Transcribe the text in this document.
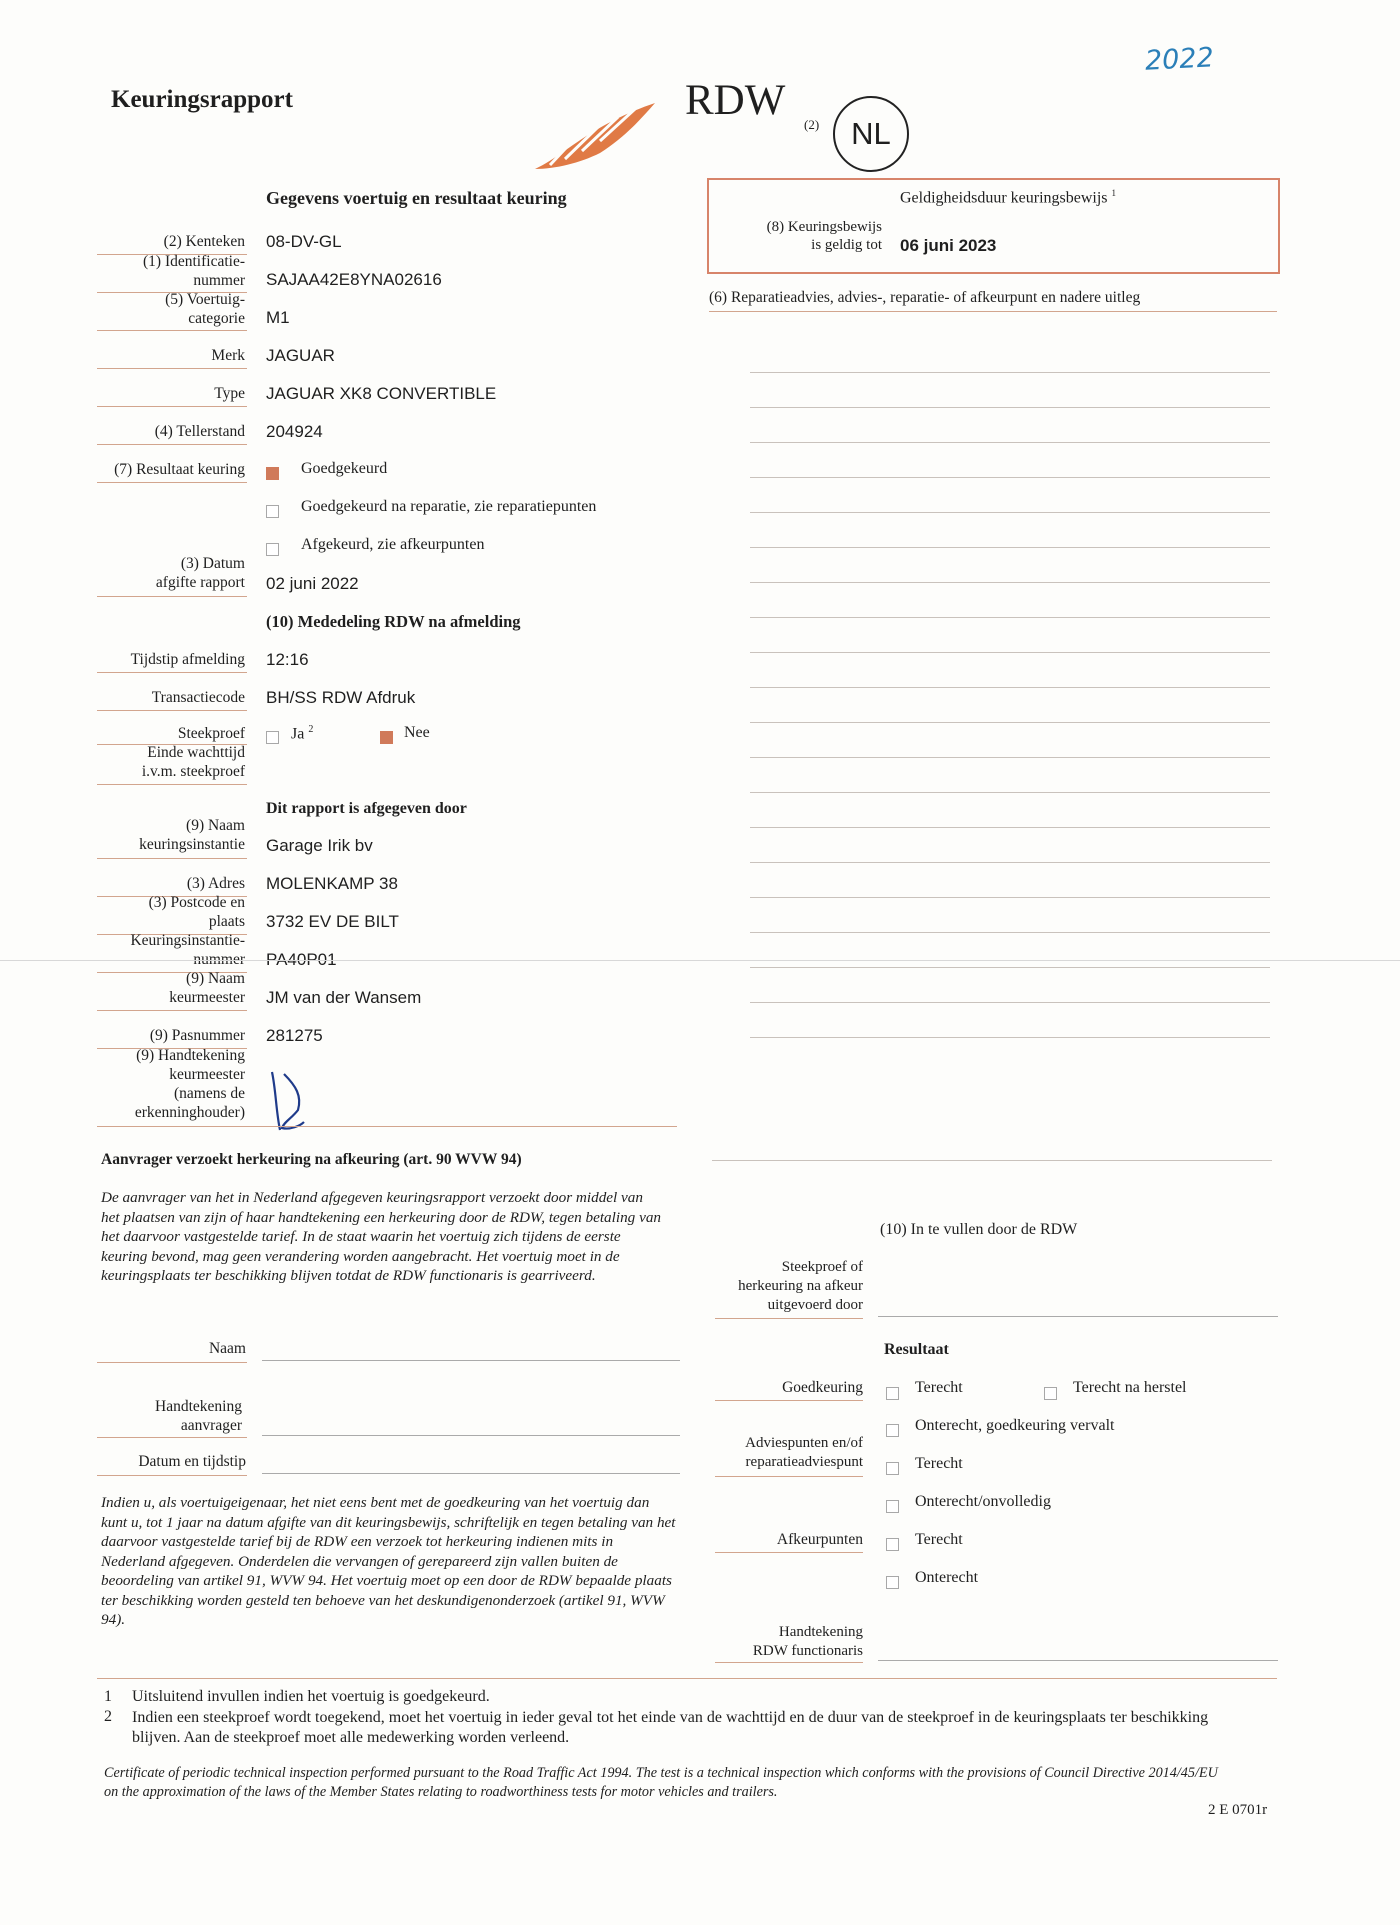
Keuringsrapport
2022
RDW
(2)	NL
Gegevens voertuig en resultaat keuring
(2) Kenteken 08-DV-GL
(1) Identificatie-
nummer SAJAA42E8YNA02616
(5) Voertuig-
categorie M1
Merk JAGUAR
Type JAGUAR XK8 CONVERTIBLE
(4) Tellerstand 204924
(7) Resultaat keuring	Goedgekeurd
Goedgekeurd na reparatie, zie reparatiepunten
Afgekeurd, zie afkeurpunten
(3) Datum
afgifte rapport 02 juni 2022
(10) Mededeling RDW na afmelding
Tijdstip afmelding 12:16
Transactiecode BH/SS RDW Afdruk
Steekproef	Ja $^2$	Nee
Einde wachttijd
i.v.m. steekproef
Dit rapport is afgegeven door
(9) Naam
keuringsinstantie Garage Irik bv
(3) Adres MOLENKAMP 38
(3) Postcode en
plaats 3732 EV DE BILT
Keuringsinstantie-
nummer PA40P01
(9) Naam
keurmeester JM van der Wansem
(9) Pasnummer 281275
(9) Handtekening
keurmeester
(namens de
erkenninghouder)
Geldigheidsduur keuringsbewijs $^1$
(8) Keuringsbewijs
is geldig tot 06 juni 2023
(6) Reparatieadvies, advies-, reparatie- of afkeurpunt en nadere uitleg
Aanvrager verzoekt herkeuring na afkeuring (art. 90 WVW 94)
De aanvrager van het in Nederland afgegeven keuringsrapport verzoekt door middel van het plaatsen van zijn of haar handtekening een herkeuring door de RDW, tegen betaling van het daarvoor vastgestelde tarief. In de staat waarin het voertuig zich tijdens de eerste keuring bevond, mag geen verandering worden aangebracht. Het voertuig moet in de keuringsplaats ter beschikking blijven totdat de RDW functionaris is gearriveerd.
Naam
Handtekening
aanvrager
Datum en tijdstip
Indien u, als voertuigeigenaar, het niet eens bent met de goedkeuring van het voertuig dan kunt u, tot 1 jaar na datum afgifte van dit keuringsbewijs, schriftelijk en tegen betaling van het daarvoor vastgestelde tarief bij de RDW een verzoek tot herkeuring indienen mits in Nederland afgegeven. Onderdelen die vervangen of gerepareerd zijn vallen buiten de beoordeling van artikel 91, WVW 94. Het voertuig moet op een door de RDW bepaalde plaats ter beschikking worden gesteld ten behoeve van het deskundigenonderzoek (artikel 91, WVW 94).
(10) In te vullen door de RDW
Steekproef of
herkeuring na afkeur
uitgevoerd door
Resultaat
Goedkeuring	Terecht	Terecht na herstel
Onterecht, goedkeuring vervalt
Adviespunten en/of
reparatieadviespunt	Terecht
Onterecht/onvolledig
Afkeurpunten	Terecht
Onterecht
Handtekening
RDW functionaris
1 Uitsluitend invullen indien het voertuig is goedgekeurd.
2 Indien een steekproef wordt toegekend, moet het voertuig in ieder geval tot het einde van de wachttijd en de duur van de steekproef in de keuringsplaats ter beschikking blijven. Aan de steekproef moet alle medewerking worden verleend.
Certificate of periodic technical inspection performed pursuant to the Road Traffic Act 1994. The test is a technical inspection which conforms with the provisions of Council Directive 2014/45/EU on the approximation of the laws of the Member States relating to roadworthiness tests for motor vehicles and trailers.
2 E 0701r
